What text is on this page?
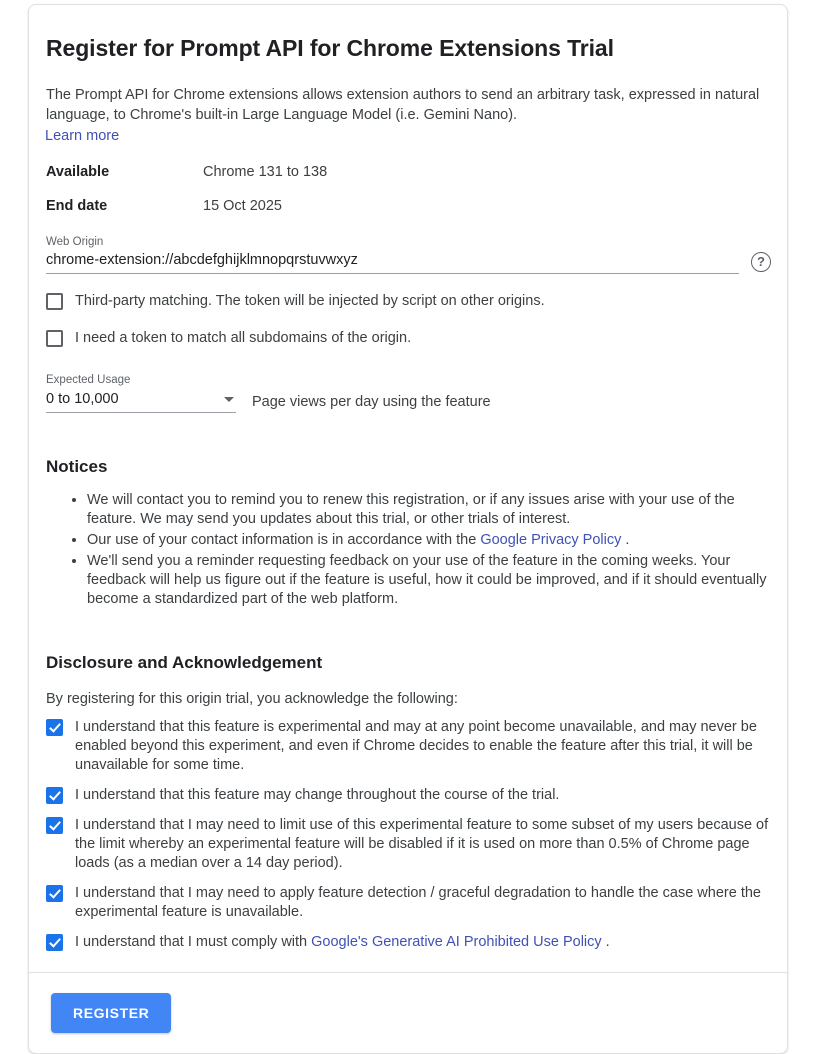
Register for Prompt API for Chrome Extensions Trial

The Prompt API for Chrome extensions allows extension authors to send an arbitrary task, expressed in natural language, to Chrome's built-in Large Language Model (i.e. Gemini Nano).

Learn more
Available	Chrome 131 to 138
End date	15 Oct 2025
Web Origin
chrome-extension://abcdefghijklmnopqrstuvwxyz
?
Third-party matching. The token will be injected by script on other origins.
I need a token to match all subdomains of the origin.
Expected Usage
0 to 10,000	Page views per day using the feature
Notices
• We will contact you to remind you to renew this registration, or if any issues arise with your use of the feature. We may send you updates about this trial, or other trials of interest.
• Our use of your contact information is in accordance with the Google Privacy Policy .
• We'll send you a reminder requesting feedback on your use of the feature in the coming weeks. Your feedback will help us figure out if the feature is useful, how it could be improved, and if it should eventually become a standardized part of the web platform.
Disclosure and Acknowledgement

By registering for this origin trial, you acknowledge the following:

I understand that this feature is experimental and may at any point become unavailable, and may never be enabled beyond this experiment, and even if Chrome decides to enable the feature after this trial, it will be unavailable for some time.
I understand that this feature may change throughout the course of the trial.
I understand that I may need to limit use of this experimental feature to some subset of my users because of the limit whereby an experimental feature will be disabled if it is used on more than 0.5% of Chrome page loads (as a median over a 14 day period).
I understand that I may need to apply feature detection / graceful degradation to handle the case where the experimental feature is unavailable.
I understand that I must comply with Google's Generative AI Prohibited Use Policy .
REGISTER
